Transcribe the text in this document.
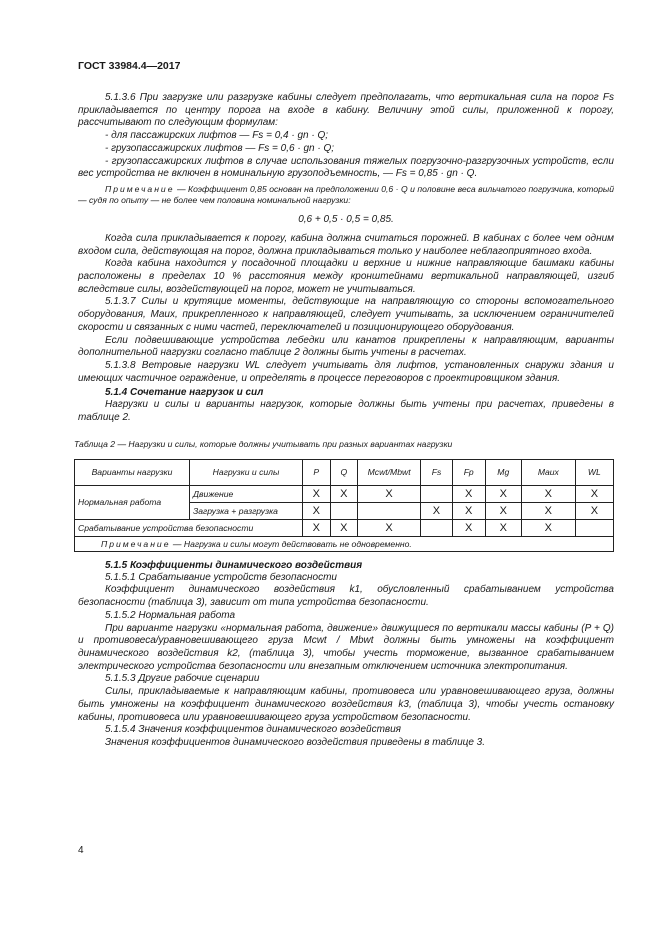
ГОСТ 33984.4—2017

5.1.3.6 При загрузке или разгрузке кабины следует предполагать, что вертикальная сила на порог Fs прикладывается по центру порога на входе в кабину. Величину этой силы, приложенной к порогу, рассчитывают по следующим формулам:

- для пассажирских лифтов — Fs = 0,4 · gn · Q;

- грузопассажирских лифтов — Fs = 0,6 · gn · Q;

- грузопассажирских лифтов в случае использования тяжелых погрузочно-разгрузочных устройств, если вес устройства не включен в номинальную грузоподъемность, — Fs = 0,85 · gn · Q.

Примечание — Коэффициент 0,85 основан на предположении 0,6 · Q и половине веса вильчатого погрузчика, который — судя по опыту — не более чем половина номинальной нагрузки:

0,6 + 0,5 · 0,5 = 0,85.

Когда сила прикладывается к порогу, кабина должна считаться порожней. В кабинах с более чем одним входом сила, действующая на порог, должна прикладываться только у наиболее неблагоприятного входа.

Когда кабина находится у посадочной площадки и верхние и нижние направляющие башмаки кабины расположены в пределах 10 % расстояния между кронштейнами вертикальной направляющей, изгиб вследствие силы, воздействующей на порог, может не учитываться.

5.1.3.7 Силы и крутящие моменты, действующие на направляющую со стороны вспомогательного оборудования, Maux, прикрепленного к направляющей, следует учитывать, за исключением ограничителей скорости и связанных с ними частей, переключателей и позиционирующего оборудования.

Если подвешивающие устройства лебедки или канатов прикреплены к направляющим, варианты дополнительной нагрузки согласно таблице 2 должны быть учтены в расчетах.

5.1.3.8 Ветровые нагрузки WL следует учитывать для лифтов, установленных снаружи здания и имеющих частичное ограждение, и определять в процессе переговоров с проектировщиком здания.

5.1.4 Сочетание нагрузок и сил

Нагрузки и силы и варианты нагрузок, которые должны быть учтены при расчетах, приведены в таблице 2.

Таблица 2 — Нагрузки и силы, которые должны учитывать при разных вариантах нагрузки
Варианты нагрузки	Нагрузки и силы	P	Q	Mcwt/Mbwt	Fs	Fp	Mg	Maux	WL
Нормальная работа	Движение	X	X	X		X	X	X	X
	Загрузка + разгрузка	X			X	X	X	X	X
Срабатывание устройства безопасности		X	X	X		X	X	X	
Примечание — Нагрузка и силы могут действовать не одновременно.									
5.1.5 Коэффициенты динамического воздействия

5.1.5.1 Срабатывание устройств безопасности

Коэффициент динамического воздействия k1, обусловленный срабатыванием устройства безопасности (таблица 3), зависит от типа устройства безопасности.

5.1.5.2 Нормальная работа

При варианте нагрузки «нормальная работа, движение» движущиеся по вертикали массы кабины (P + Q) и противовеса/уравновешивающего груза Mcwt / Mbwt должны быть умножены на коэффициент динамического воздействия k2, (таблица 3), чтобы учесть торможение, вызванное срабатыванием электрического устройства безопасности или внезапным отключением источника электропитания.

5.1.5.3 Другие рабочие сценарии

Силы, прикладываемые к направляющим кабины, противовеса или уравновешивающего груза, должны быть умножены на коэффициент динамического воздействия k3, (таблица 3), чтобы учесть остановку кабины, противовеса или уравновешивающего груза устройством безопасности.

5.1.5.4 Значения коэффициентов динамического воздействия

Значения коэффициентов динамического воздействия приведены в таблице 3.

4
